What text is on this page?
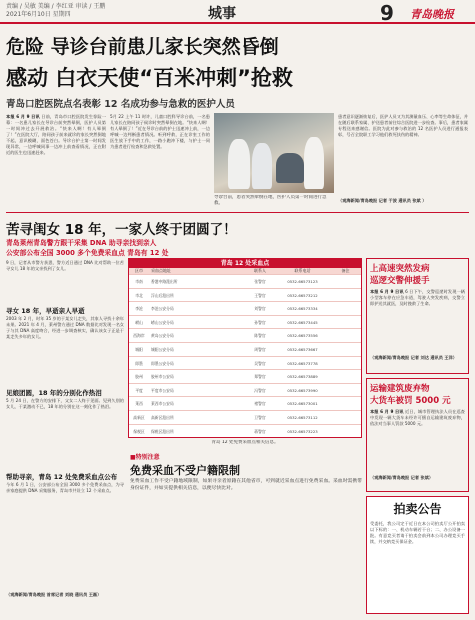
责编 / 吴敏 美编 / 李红亚 审读 / 王鹏
2021年6月10日 星期四	城事	9 青岛晚报
危险 导诊台前患儿家长突然昏倒
感动 白衣天使“百米冲刺”抢救
青岛口腔医院点名表彰 12 名成功参与急救的医护人员
本报 6 月 9 日讯 日前，青岛市口腔医院发生惊险一幕：一名患儿家长在导诊台前突然晕倒，医护人员第一时间冲过去开展救治。“快来人啊！有人晕倒了！”在医院大厅，陪同孩子前来就诊的家长突然倒地不起，意识模糊，面色苍白。导诊台护士第一时间发现异常，一边呼喊同事一边冲上前查看情况，正在附近的医生也迅速赶来。
5月 22 上午 11 时许，儿童口腔科导诊台前，一名患儿家长在陪同孩子候诊时突然晕倒在地。“快来人啊！有人晕倒了！”近在导诊台前的护士迅速冲上前，一边呼喊一边判断患者情况。听到呼救，正在诊室工作的医生放下手中的工作，一路小跑冲下楼，与护士一同为患者进行检查和急救处置。
导诊台前，患者突然晕倒在地，医护人员第一时间进行急救。
患者意识逐渐恢复后，医护人员又为其测量血压、心率等生命体征，并在随后联系家属、护送患者前往综合医院进一步检查。事后，患者家属专程送来感谢信。医院为此对参与救治的 12 名医护人员进行通报表彰，号召全院职工学习他们救死扶伤的精神。
（观海新闻/青岛晚报 记者 于波 通讯员 张斌 ）
苦寻闺女 18 年，一家人终于团圆了！
青岛莱州青岛警方跟干采集 DNA 助寻亲找到亲人
公安部公布全国 3000 多个免费采血点 青岛有 12 处
9 日，记者从市警方获悉，警方近日通过 DNA 比对帮助一位苦寻女儿 18 年的父亲找到了女儿。
寻女 18 年，早逝亲人早逝
2003 年 2 月，时年 35 岁的于某女儿走失，其家人寻找十余年未果。2021 年 4 月，莱州警方通过 DNA 数据比对发现一名女子与其 DNA 高度吻合，经进一步调查核实，确认该女子正是于某走失多年的女儿。
见娘团圆，18 年的分别化作热泪
5 月 24 日，在警方的安排下，父女二人终于见面。见到久别的女儿，于某激动不已，18 年的分别在这一刻化作了热泪。
帮助寻亲，青岛 12 处免费采血点公布
今年 6 月 1 日，公安部公布全国 3000 多个免费采血点，为寻亲家庭提供 DNA 采集服务，青岛市共设立 12 个采血点。
（观海新闻/青岛晚报 首席记者 刘晓 通讯员 王磊）
青岛 12 处采血点
区市	采血点地址	联系人	联系电话	备注
市南	香港中路派出所	张警官	0532-66573123
市北	浮山后派出所	王警官	0532-66573212
李沧	李沧公安分局	刘警官	0532-66573334
崂山	崂山公安分局	孙警官	0532-66573445
西海岸	黄岛公安分局	陈警官	0532-66573556
城阳	城阳公安分局	周警官	0532-66573667
即墨	即墨公安分局	吴警官	0532-66573778
胶州	胶州市公安局	郑警官	0532-66573889
平度	平度市公安局	冯警官	0532-66573990
莱西	莱西市公安局	褚警官	0532-66573001
高新区	高新区派出所	卫警官	0532-66573112
保税区	保税区派出所	蒋警官	0532-66573223
青岛 12 处免费采血点相关信息。
■特别注意
免费采血不受户籍限制
免费采血工作不受户籍地域限制，如果寻亲者原籍在其他省市，可到就近采血点进行免费采血。采血时需携带身份证件，并如实提供相关信息，以便尽快比对。
上高速突然发病
巡逻交警伸援手
本报 6 月 9 日讯 6 日下午，交警巡逻时发现一辆小型客车停在应急车道，驾驶人突发疾病，交警立即护送其就医，及时挽救了生命。
（观海新闻/青岛晚报 记者 刘达 通讯员 王洋）
运输建筑废弃物
大货车被罚 5000 元
本报 6 月 9 日讯 近日，城市管理执法人员在巡查中发现一辆大货车未经许可擅自运输建筑废弃物，依法对当事人罚款 5000 元。
（观海新闻/青岛晚报 记者 张斌）
拍卖公告
受委托，我公司定于近日在本公司拍卖厅公开拍卖以下标的：一、机动车辆若干台；二、办公设备一批。有意竞买者请于拍卖会前到本公司办理竞买手续，并交纳竞买保证金。
